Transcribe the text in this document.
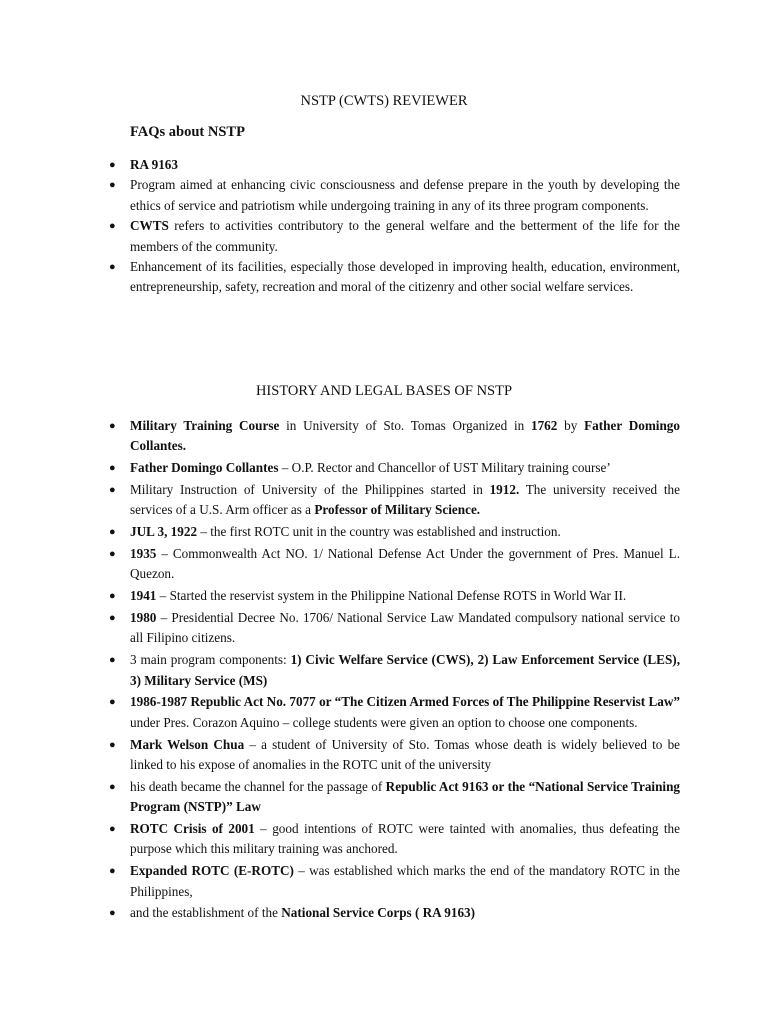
NSTP (CWTS) REVIEWER
FAQs about NSTP
● RA 9163
● Program aimed at enhancing civic consciousness and defense prepare in the youth by developing the ethics of service and patriotism while undergoing training in any of its three program components.
● CWTS refers to activities contributory to the general welfare and the betterment of the life for the members of the community.
● Enhancement of its facilities, especially those developed in improving health, education, environment, entrepreneurship, safety, recreation and moral of the citizenry and other social welfare services.
HISTORY AND LEGAL BASES OF NSTP
● Military Training Course in University of Sto. Tomas Organized in 1762 by Father Domingo Collantes.
● Father Domingo Collantes – O.P. Rector and Chancellor of UST Military training course’
● Military Instruction of University of the Philippines started in 1912. The university received the services of a U.S. Arm officer as a Professor of Military Science.
● JUL 3, 1922 – the first ROTC unit in the country was established and instruction.
● 1935 – Commonwealth Act NO. 1/ National Defense Act Under the government of Pres. Manuel L. Quezon.
● 1941 – Started the reservist system in the Philippine National Defense ROTS in World War II.
● 1980 – Presidential Decree No. 1706/ National Service Law Mandated compulsory national service to all Filipino citizens.
● 3 main program components: 1) Civic Welfare Service (CWS), 2) Law Enforcement Service (LES), 3) Military Service (MS)
● 1986-1987 Republic Act No. 7077 or “The Citizen Armed Forces of The Philippine Reservist Law” under Pres. Corazon Aquino – college students were given an option to choose one components.
● Mark Welson Chua – a student of University of Sto. Tomas whose death is widely believed to be linked to his expose of anomalies in the ROTC unit of the university
● his death became the channel for the passage of Republic Act 9163 or the “National Service Training Program (NSTP)” Law
● ROTC Crisis of 2001 – good intentions of ROTC were tainted with anomalies, thus defeating the purpose which this military training was anchored.
● Expanded ROTC (E-ROTC) – was established which marks the end of the mandatory ROTC in the Philippines,
● and the establishment of the National Service Corps ( RA 9163)
